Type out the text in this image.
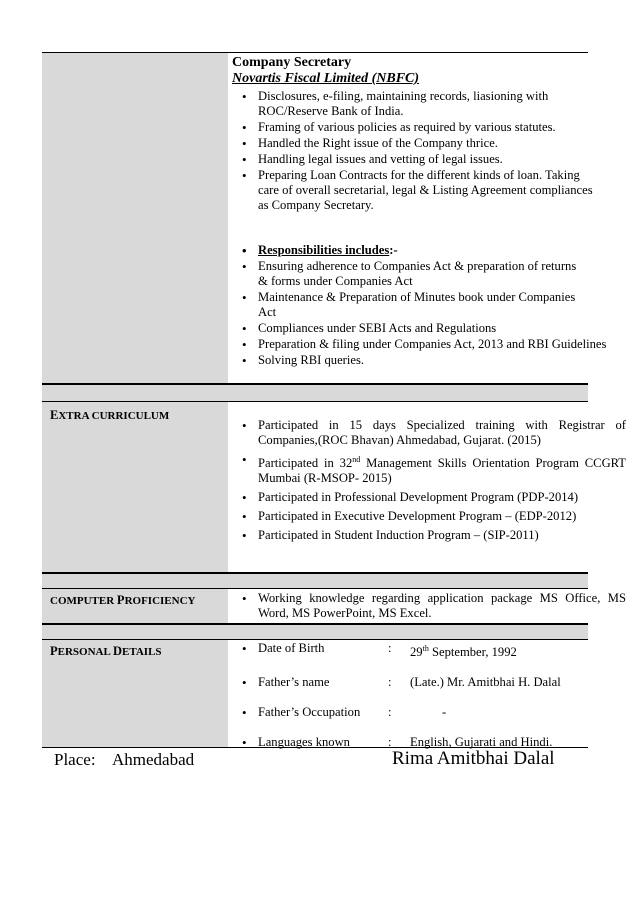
Company Secretary
Novartis Fiscal Limited (NBFC)
• Disclosures, e-filing, maintaining records, liasioning with ROC/Reserve Bank of India.
• Framing of various policies as required by various statutes.
• Handled the Right issue of the Company thrice.
• Handling legal issues and vetting of legal issues.
• Preparing Loan Contracts for the different kinds of loan. Taking care of overall secretarial, legal & Listing Agreement compliances as Company Secretary.
• Responsibilities includes:-
• Ensuring adherence to Companies Act & preparation of returns & forms under Companies Act
• Maintenance & Preparation of Minutes book under Companies Act
• Compliances under SEBI Acts and Regulations
• Preparation & filing under Companies Act, 2013 and RBI Guidelines
• Solving RBI queries.
EXTRA CURRICULUM
• Participated in 15 days Specialized training with Registrar of Companies,(ROC Bhavan) Ahmedabad, Gujarat. (2015)
• Participated in 32nd Management Skills Orientation Program CCGRT Mumbai (R-MSOP- 2015)
• Participated in Professional Development Program (PDP-2014)
• Participated in Executive Development Program – (EDP-2012)
• Participated in Student Induction Program – (SIP-2011)
COMPUTER PROFICIENCY	• Working knowledge regarding application package MS Office, MS Word, MS PowerPoint, MS Excel.
PERSONAL DETAILS	• Date of Birth	:	29th September, 1992
• Father’s name	:	(Late.) Mr. Amitbhai H. Dalal
• Father’s Occupation	:	-
• Languages known	:	English, Gujarati and Hindi.
Place: Ahmedabad	Rima Amitbhai Dalal
